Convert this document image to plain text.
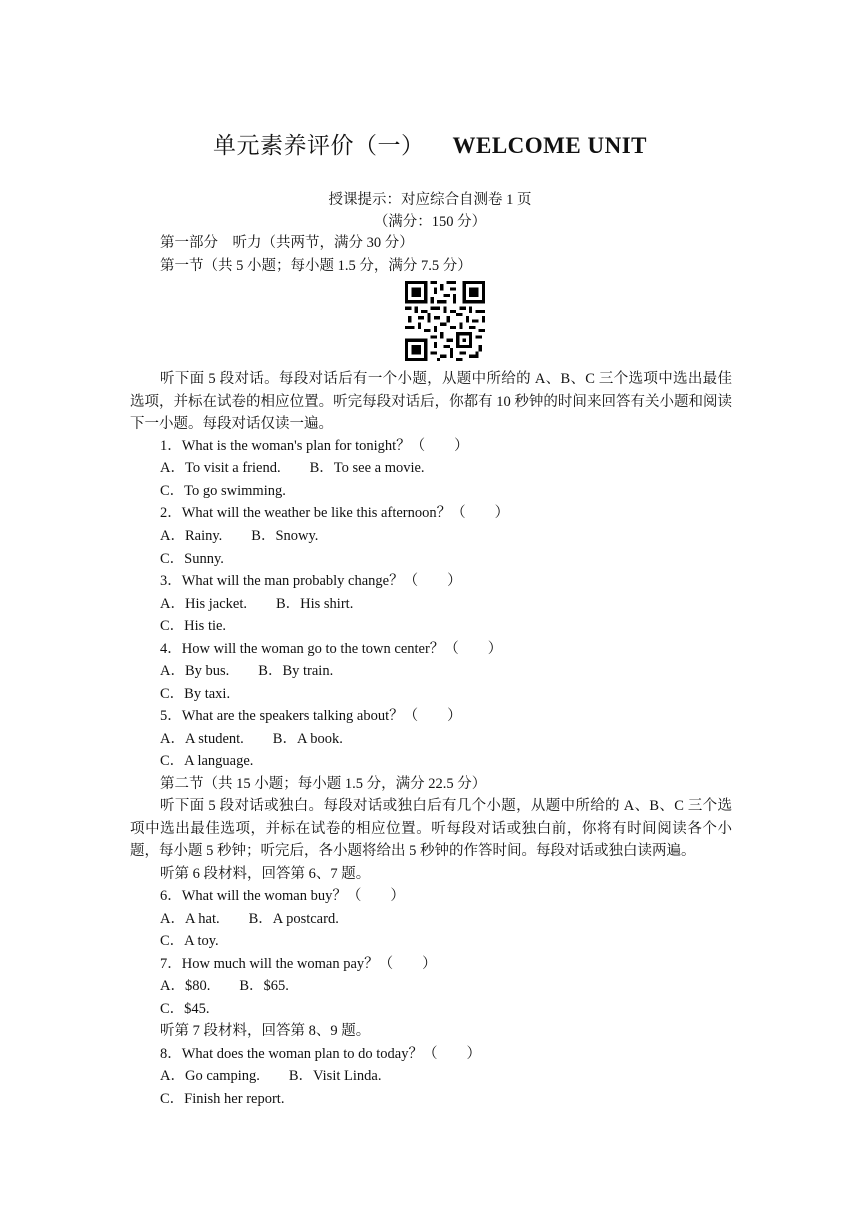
单元素养评价（一） WELCOME UNIT
授课提示：对应综合自测卷 1 页
（满分：150 分）
第一部分　听力（共两节，满分 30 分）
第一节（共 5 小题；每小题 1.5 分，满分 7.5 分）
听下面 5 段对话。每段对话后有一个小题，从题中所给的 A、B、C 三个选项中选出最佳选项，并标在试卷的相应位置。听完每段对话后，你都有 10 秒钟的时间来回答有关小题和阅读下一小题。每段对话仅读一遍。
1．What is the woman's plan for tonight？（　　）
A．To visit a friend.　　B．To see a movie.
C．To go swimming.
2．What will the weather be like this afternoon？（　　）
A．Rainy.　　B．Snowy.
C．Sunny.
3．What will the man probably change？（　　）
A．His jacket.　　B．His shirt.
C．His tie.
4．How will the woman go to the town center？（　　）
A．By bus.　　B．By train.
C．By taxi.
5．What are the speakers talking about？（　　）
A．A student.　　B．A book.
C．A language.
第二节（共 15 小题；每小题 1.5 分，满分 22.5 分）
听下面 5 段对话或独白。每段对话或独白后有几个小题，从题中所给的 A、B、C 三个选项中选出最佳选项，并标在试卷的相应位置。听每段对话或独白前，你将有时间阅读各个小题，每小题 5 秒钟；听完后，各小题将给出 5 秒钟的作答时间。每段对话或独白读两遍。
听第 6 段材料，回答第 6、7 题。
6．What will the woman buy？（　　）
A．A hat.　　B．A postcard.
C．A toy.
7．How much will the woman pay？（　　）
A．$80.　　B．$65.
C．$45.
听第 7 段材料，回答第 8、9 题。
8．What does the woman plan to do today？（　　）
A．Go camping.　　B．Visit Linda.
C．Finish her report.
